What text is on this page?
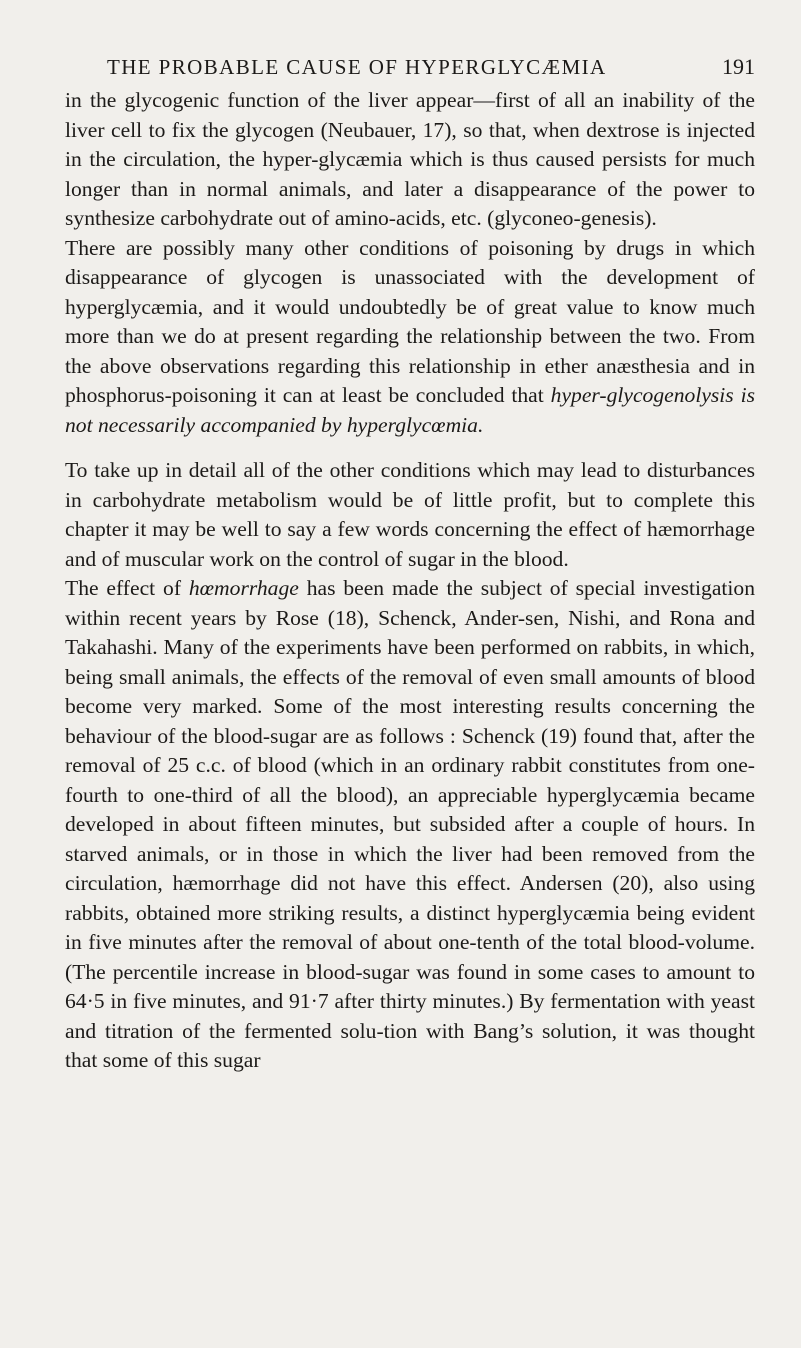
THE PROBABLE CAUSE OF HYPERGLYCÆMIA	191

in the glycogenic function of the liver appear—first of all an inability of the liver cell to fix the glycogen (Neubauer, 17), so that, when dextrose is injected in the circulation, the hyper-glycæmia which is thus caused persists for much longer than in normal animals, and later a disappearance of the power to synthesize carbohydrate out of amino-acids, etc. (glyconeo-genesis).

There are possibly many other conditions of poisoning by drugs in which disappearance of glycogen is unassociated with the development of hyperglycæmia, and it would undoubtedly be of great value to know much more than we do at present regarding the relationship between the two. From the above observations regarding this relationship in ether anæsthesia and in phosphorus-poisoning it can at least be concluded that hyper-glycogenolysis is not necessarily accompanied by hyperglycœmia.

To take up in detail all of the other conditions which may lead to disturbances in carbohydrate metabolism would be of little profit, but to complete this chapter it may be well to say a few words concerning the effect of hæmorrhage and of muscular work on the control of sugar in the blood.

The effect of hœmorrhage has been made the subject of special investigation within recent years by Rose (18), Schenck, Ander-sen, Nishi, and Rona and Takahashi. Many of the experiments have been performed on rabbits, in which, being small animals, the effects of the removal of even small amounts of blood become very marked. Some of the most interesting results concerning the behaviour of the blood-sugar are as follows : Schenck (19) found that, after the removal of 25 c.c. of blood (which in an ordinary rabbit constitutes from one-fourth to one-third of all the blood), an appreciable hyperglycæmia became developed in about fifteen minutes, but subsided after a couple of hours. In starved animals, or in those in which the liver had been removed from the circulation, hæmorrhage did not have this effect. Andersen (20), also using rabbits, obtained more striking results, a distinct hyperglycæmia being evident in five minutes after the removal of about one-tenth of the total blood-volume. (The percentile increase in blood-sugar was found in some cases to amount to 64·5 in five minutes, and 91·7 after thirty minutes.) By fermentation with yeast and titration of the fermented solu-tion with Bang’s solution, it was thought that some of this sugar
